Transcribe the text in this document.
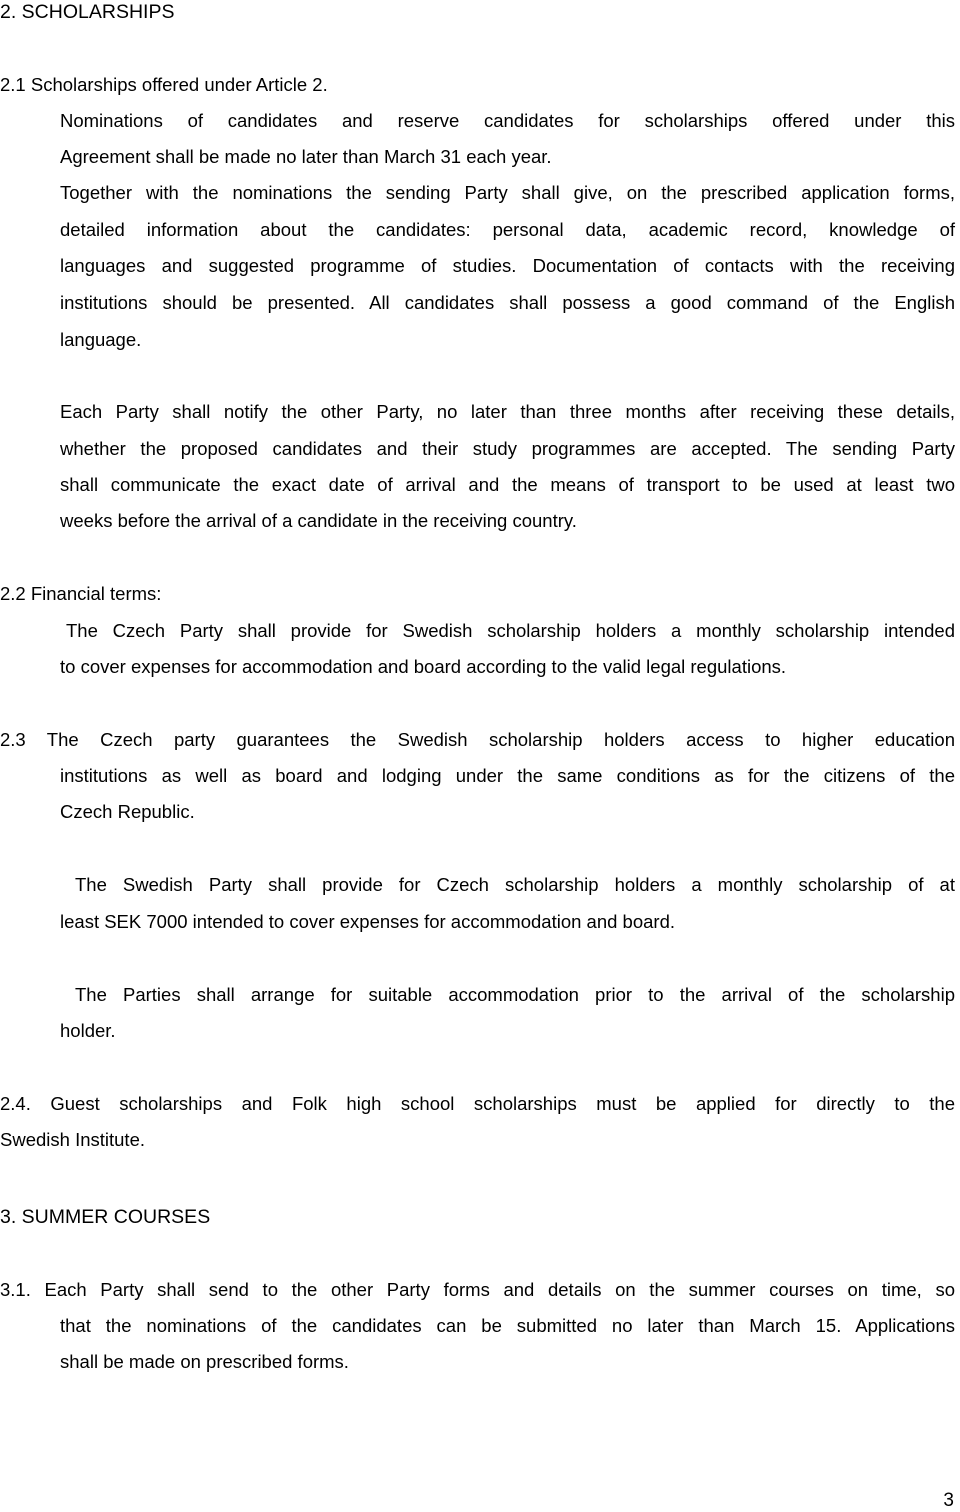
2. SCHOLARSHIPS
2.1 Scholarships offered under Article 2.
Nominations of candidates and reserve candidates for scholarships offered under this
Agreement shall be made no later than March 31 each year.
Together with the nominations the sending Party shall give, on the prescribed application forms,
detailed information about the candidates: personal data, academic record, knowledge of
languages and suggested programme of studies. Documentation of contacts with the receiving
institutions should be presented. All candidates shall possess a good command of the English
language.
Each Party shall notify the other Party, no later than three months after receiving these details,
whether the proposed candidates and their study programmes are accepted. The sending Party
shall communicate the exact date of arrival and the means of transport to be used at least two
weeks before the arrival of a candidate in the receiving country.
2.2 Financial terms:
The Czech Party shall provide for Swedish scholarship holders a monthly scholarship intended
to cover expenses for accommodation and board according to the valid legal regulations.
2.3 The Czech party guarantees the Swedish scholarship holders access to higher education
institutions as well as board and lodging under the same conditions as for the citizens of the
Czech Republic.
The Swedish Party shall provide for Czech scholarship holders a monthly scholarship of at
least SEK 7000 intended to cover expenses for accommodation and board.
The Parties shall arrange for suitable accommodation prior to the arrival of the scholarship
holder.
2.4. Guest scholarships and Folk high school scholarships must be applied for directly to the
Swedish Institute.
3. SUMMER COURSES
3.1. Each Party shall send to the other Party forms and details on the summer courses on time, so
that the nominations of the candidates can be submitted no later than March 15. Applications
shall be made on prescribed forms.
3
